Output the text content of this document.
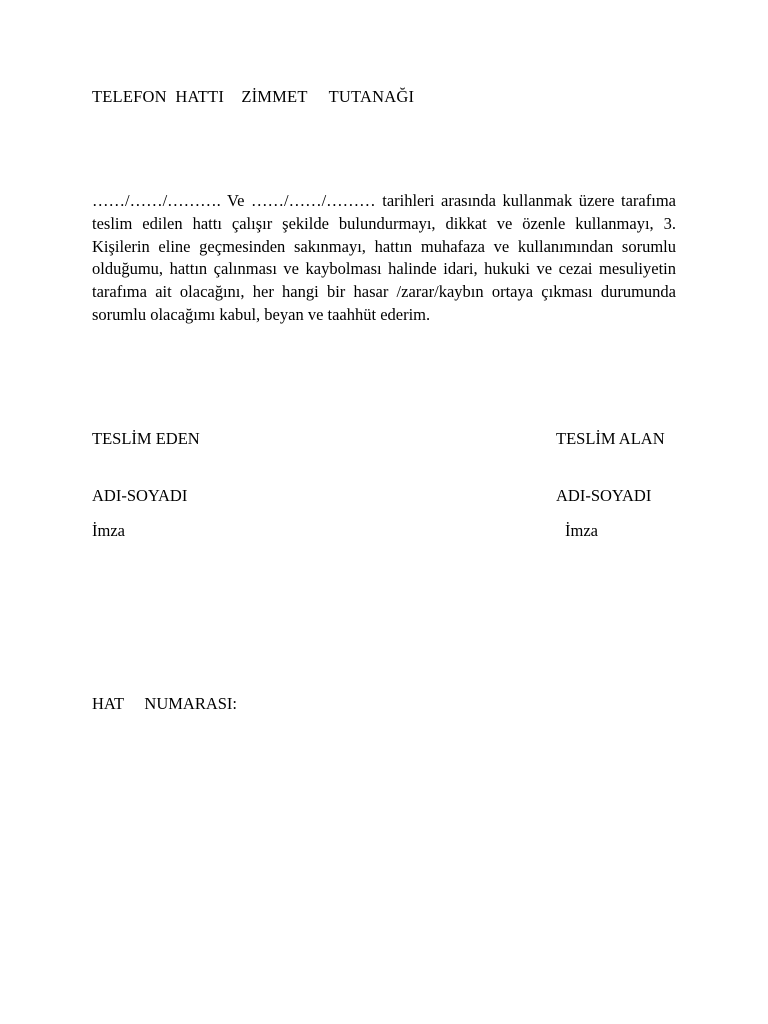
TELEFON  HATTI    ZİMMET     TUTANAĞI
……/……/………. Ve ……/……/……… tarihleri arasında kullanmak üzere tarafıma teslim edilen hattı çalışır şekilde bulundurmayı, dikkat ve özenle kullanmayı, 3. Kişilerin eline geçmesinden sakınmayı, hattın muhafaza ve kullanımından sorumlu olduğumu, hattın çalınması ve kaybolması halinde idari, hukuki ve cezai mesuliyetin tarafıma ait olacağını, her hangi bir hasar /zarar/kaybın ortaya çıkması durumunda sorumlu olacağımı kabul, beyan ve taahhüt ederim.
TESLİM EDEN	TESLİM ALAN
ADI-SOYADI	ADI-SOYADI
İmza	İmza
HAT     NUMARASI:
